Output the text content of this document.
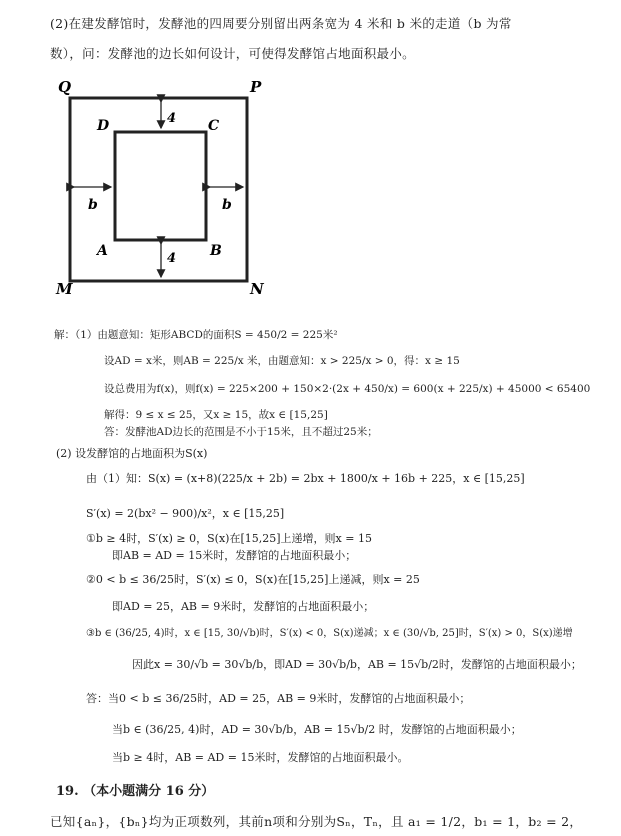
(2)在建发酵馆时，发酵池的四周要分别留出两条宽为 4 米和 b 米的走道（b 为常
数），问：发酵池的边长如何设计，可使得发酵馆占地面积最小。
Q	P
M	N
D	C
A	B
4
4
b	b
解：（1）由题意知：矩形ABCD的面积S = 450/2 = 225米²
设AD = x米，则AB = 225/x 米，由题意知：x > 225/x > 0，得：x ≥ 15
设总费用为f(x)，则f(x) = 225×200 + 150×2·(2x + 450/x) = 600(x + 225/x) + 45000 < 65400
解得：9 ≤ x ≤ 25，又x ≥ 15，故x ∈ [15,25]
答：发酵池AD边长的范围是不小于15米，且不超过25米；
(2) 设发酵馆的占地面积为S(x)
由（1）知：S(x) = (x+8)(225/x + 2b) = 2bx + 1800/x + 16b + 225，x ∈ [15,25]
S′(x) = 2(bx² − 900)/x²，x ∈ [15,25]
①b ≥ 4时，S′(x) ≥ 0，S(x)在[15,25]上递增，则x = 15
即AB = AD = 15米时，发酵馆的占地面积最小；
②0 < b ≤ 36/25时，S′(x) ≤ 0，S(x)在[15,25]上递减，则x = 25
即AD = 25，AB = 9米时，发酵馆的占地面积最小；
③b ∈ (36/25, 4)时，x ∈ [15, 30/√b)时，S′(x) < 0，S(x)递减；x ∈ (30/√b, 25]时，S′(x) > 0，S(x)递增
因此x = 30/√b = 30√b/b，即AD = 30√b/b，AB = 15√b/2时，发酵馆的占地面积最小；
答：当0 < b ≤ 36/25时，AD = 25，AB = 9米时，发酵馆的占地面积最小；
当b ∈ (36/25, 4)时，AD = 30√b/b，AB = 15√b/2 时，发酵馆的占地面积最小；
当b ≥ 4时，AB = AD = 15米时，发酵馆的占地面积最小。
19. （本小题满分 16 分）
已知{aₙ}，{bₙ}均为正项数列，其前n项和分别为Sₙ，Tₙ，且 a₁ = 1/2，b₁ = 1，b₂ = 2，
